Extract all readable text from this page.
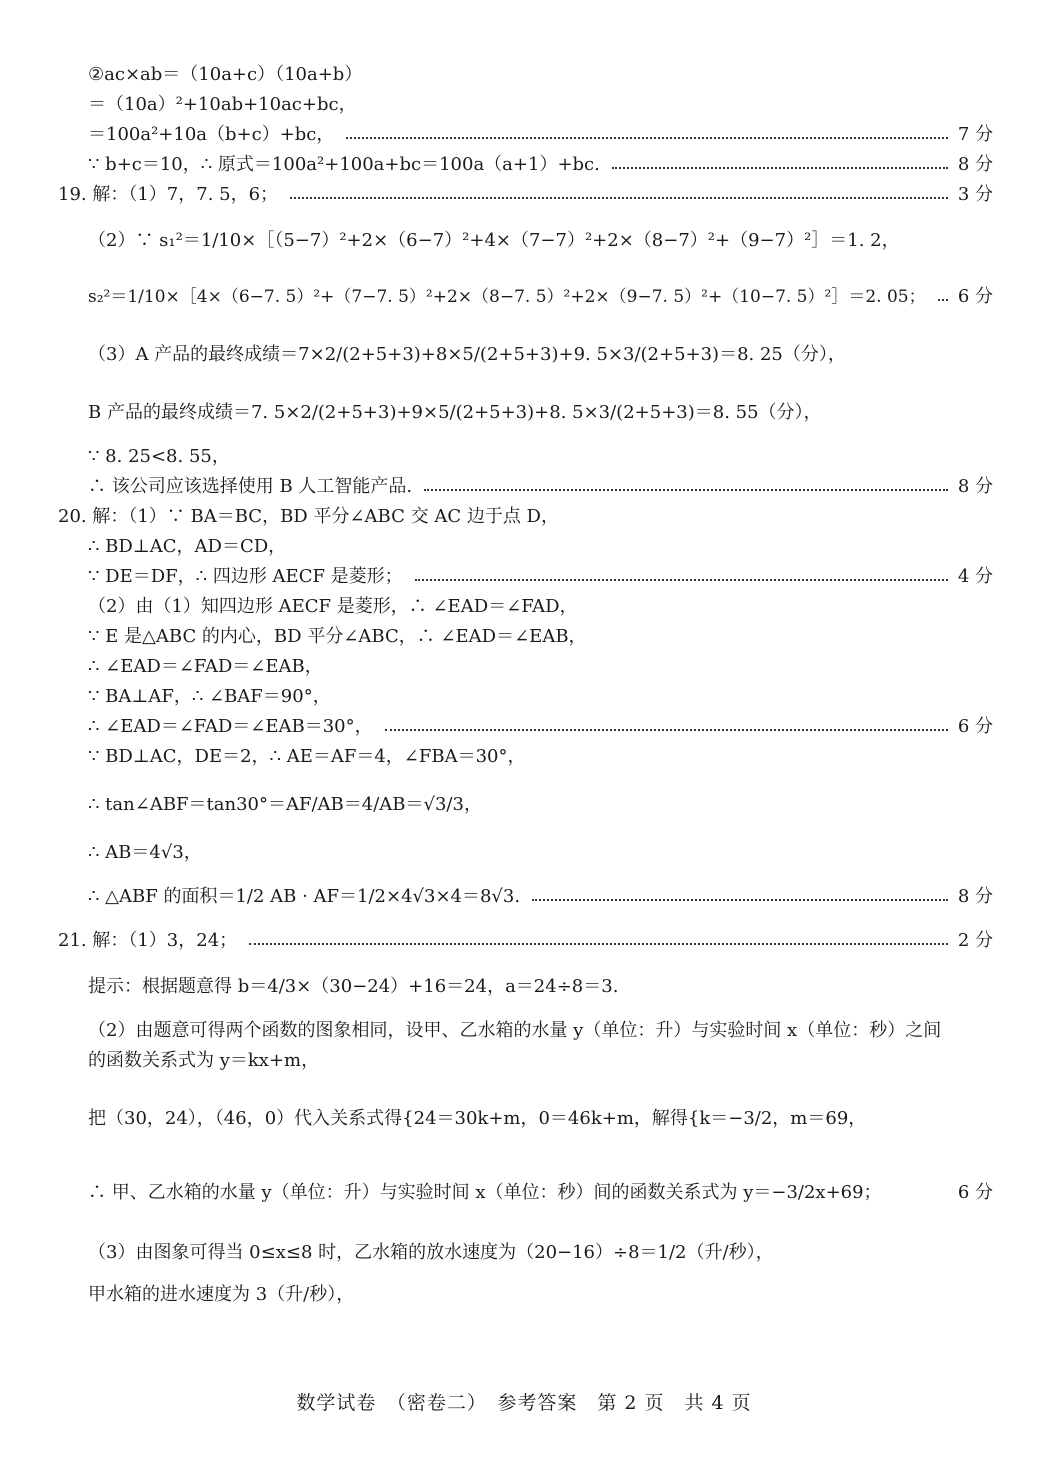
②ac×ab＝（10a+c）（10a+b）
＝（10a）²+10ab+10ac+bc，
＝100a²+10a（b+c）+bc，	7 分
∵ b+c＝10，∴ 原式＝100a²+100a+bc＝100a（a+1）+bc.	8 分
19. 解：（1）7，7. 5，6；	3 分
（2）∵ s₁²＝1/10×［（5−7）²+2×（6−7）²+4×（7−7）²+2×（8−7）²+（9−7）²］＝1. 2，
s₂²＝1/10×［4×（6−7. 5）²+（7−7. 5）²+2×（8−7. 5）²+2×（9−7. 5）²+（10−7. 5）²］＝2. 05； 6 分
（3）A 产品的最终成绩＝7×2/(2+5+3)+8×5/(2+5+3)+9. 5×3/(2+5+3)＝8. 25（分），
B 产品的最终成绩＝7. 5×2/(2+5+3)+9×5/(2+5+3)+8. 5×3/(2+5+3)＝8. 55（分），
∵ 8. 25<8. 55，
∴ 该公司应该选择使用 B 人工智能产品.	8 分
20. 解：（1）∵ BA＝BC，BD 平分∠ABC 交 AC 边于点 D，
∴ BD⊥AC，AD＝CD，
∵ DE＝DF，∴ 四边形 AECF 是菱形；	4 分
（2）由（1）知四边形 AECF 是菱形，∴ ∠EAD＝∠FAD，
∵ E 是△ABC 的内心，BD 平分∠ABC，∴ ∠EAD＝∠EAB，
∴ ∠EAD＝∠FAD＝∠EAB，
∵ BA⊥AF，∴ ∠BAF＝90°，
∴ ∠EAD＝∠FAD＝∠EAB＝30°，	6 分
∵ BD⊥AC，DE＝2，∴ AE＝AF＝4，∠FBA＝30°，
∴ tan∠ABF＝tan30°＝AF/AB＝4/AB＝√3/3，
∴ AB＝4√3，
∴ △ABF 的面积＝1/2 AB · AF＝1/2×4√3×4＝8√3.	8 分
21. 解：（1）3，24；	2 分
提示：根据题意得 b＝4/3×（30−24）+16＝24，a＝24÷8＝3.
（2）由题意可得两个函数的图象相同，设甲、乙水箱的水量 y（单位：升）与实验时间 x（单位：秒）之间
的函数关系式为 y＝kx+m，
把（30，24），（46，0）代入关系式得{24＝30k+m，0＝46k+m，解得{k＝−3/2，m＝69，
∴ 甲、乙水箱的水量 y（单位：升）与实验时间 x（单位：秒）间的函数关系式为 y＝−3/2x+69；	6 分
（3）由图象可得当 0≤x≤8 时，乙水箱的放水速度为（20−16）÷8＝1/2（升/秒），
甲水箱的进水速度为 3（升/秒），
数学试卷　（密卷二）　参考答案　第 2 页　共 4 页
